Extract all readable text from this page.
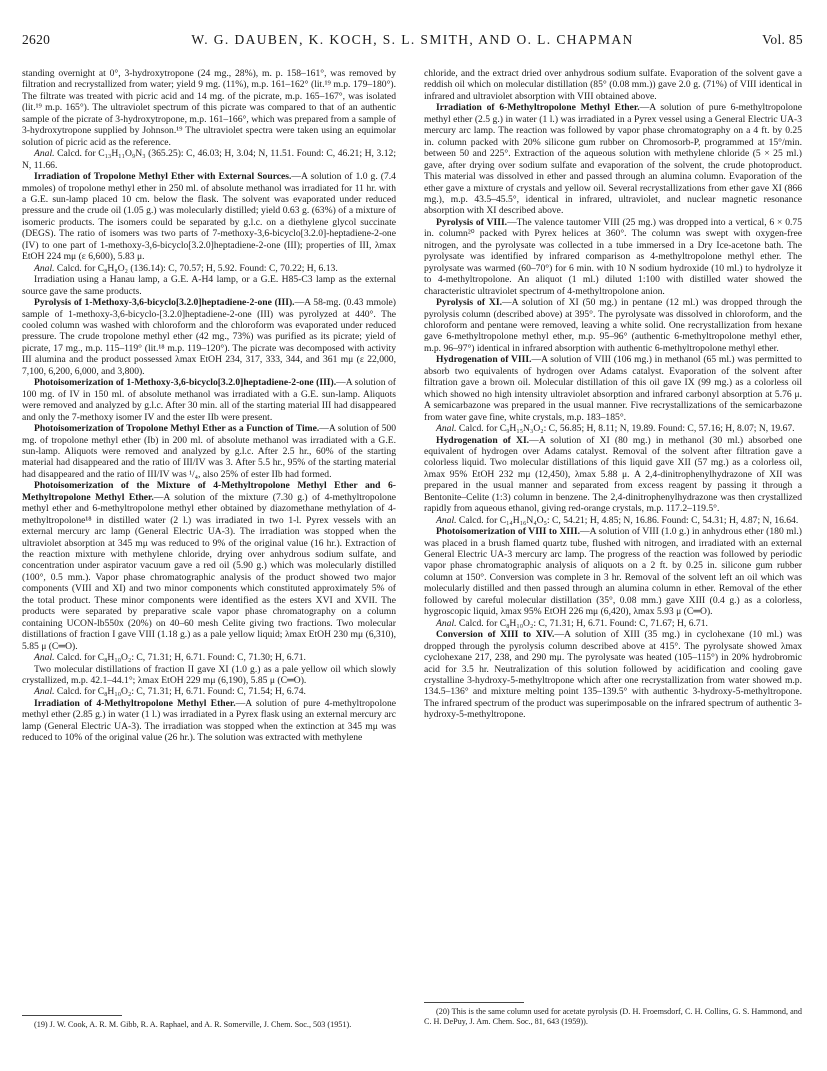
2620	W. G. DAUBEN, K. KOCH, S. L. SMITH, AND O. L. CHAPMAN	Vol. 85

standing overnight at 0°, 3-hydroxytropone (24 mg., 28%), m. p. 158–161°, was removed by filtration and recrystallized from water; yield 9 mg. (11%), m.p. 161–162° (lit.¹⁹ m.p. 179–180°). The filtrate was treated with picric acid and 14 mg. of the picrate, m.p. 165–167°, was isolated (lit.¹⁹ m.p. 165°). The ultraviolet spectrum of this picrate was compared to that of an authentic sample of the picrate of 3-hydroxytropone, m.p. 161–166°, which was prepared from a sample of 3-hydroxytropone supplied by Johnson.¹⁹ The ultraviolet spectra were taken using an equimolar solution of picric acid as the reference.

Anal. Calcd. for C₁₃H₁₁O₉N₃ (365.25): C, 46.03; H, 3.04; N, 11.51. Found: C, 46.21; H, 3.12; N, 11.66.

Irradiation of Tropolone Methyl Ether with External Sources.—A solution of 1.0 g. (7.4 mmoles) of tropolone methyl ether in 250 ml. of absolute methanol was irradiated for 11 hr. with a G.E. sun-lamp placed 10 cm. below the flask. The solvent was evaporated under reduced pressure and the crude oil (1.05 g.) was molecularly distilled; yield 0.63 g. (63%) of a mixture of isomeric products. The isomers could be separated by g.l.c. on a diethylene glycol succinate (DEGS). The ratio of isomers was two parts of 7-methoxy-3,6-bicyclo[3.2.0]-heptadiene-2-one (IV) to one part of 1-methoxy-3,6-bicyclo[3.2.0]heptadiene-2-one (III); properties of III, λmax EtOH 224 mμ (ε 6,600), 5.83 μ.

Anal. Calcd. for C₈H₈O₂ (136.14): C, 70.57; H, 5.92. Found: C, 70.22; H, 6.13.

Irradiation using a Hanau lamp, a G.E. A-H4 lamp, or a G.E. H85-C3 lamp as the external source gave the same products.

Pyrolysis of 1-Methoxy-3,6-bicyclo[3.2.0]heptadiene-2-one (III).—A 58-mg. (0.43 mmole) sample of 1-methoxy-3,6-bicyclo-[3.2.0]heptadiene-2-one (III) was pyrolyzed at 440°. The cooled column was washed with chloroform and the chloroform was evaporated under reduced pressure. The crude tropolone methyl ether (42 mg., 73%) was purified as its picrate; yield of picrate, 17 mg., m.p. 115–119° (lit.¹⁸ m.p. 119–120°). The picrate was decomposed with activity III alumina and the product possessed λmax EtOH 234, 317, 333, 344, and 361 mμ (ε 22,000, 7,100, 6,200, 6,000, and 3,800).

Photoisomerization of 1-Methoxy-3,6-bicyclo[3.2.0]heptadiene-2-one (III).—A solution of 100 mg. of IV in 150 ml. of absolute methanol was irradiated with a G.E. sun-lamp. Aliquots were removed and analyzed by g.l.c. After 30 min. all of the starting material III had disappeared and only the 7-methoxy isomer IV and the ester IIb were present.

Photoisomerization of Tropolone Methyl Ether as a Function of Time.—A solution of 500 mg. of tropolone methyl ether (Ib) in 200 ml. of absolute methanol was irradiated with a G.E. sun-lamp. Aliquots were removed and analyzed by g.l.c. After 2.5 hr., 60% of the starting material had disappeared and the ratio of III/IV was 3. After 5.5 hr., 95% of the starting material had disappeared and the ratio of III/IV was ¹/₄, also 25% of ester IIb had formed.

Photoisomerization of the Mixture of 4-Methyltropolone Methyl Ether and 6-Methyltropolone Methyl Ether.—A solution of the mixture (7.30 g.) of 4-methyltropolone methyl ether and 6-methyltropolone methyl ether obtained by diazomethane methylation of 4-methyltropolone¹⁸ in distilled water (2 l.) was irradiated in two 1-l. Pyrex vessels with an external mercury arc lamp (General Electric UA-3). The irradiation was stopped when the ultraviolet absorption at 345 mμ was reduced to 9% of the original value (16 hr.). Extraction of the reaction mixture with methylene chloride, drying over anhydrous sodium sulfate, and concentration under aspirator vacuum gave a red oil (5.90 g.) which was molecularly distilled (100°, 0.5 mm.). Vapor phase chromatographic analysis of the product showed two major components (VIII and XI) and two minor components which constituted approximately 5% of the total product. These minor components were identified as the esters XVI and XVII. The products were separated by preparative scale vapor phase chromatography on a column containing UCON-lb550x (20%) on 40–60 mesh Celite giving two fractions. Two molecular distillations of fraction I gave VIII (1.18 g.) as a pale yellow liquid; λmax EtOH 230 mμ (6,310), 5.85 μ (C═O).

Anal. Calcd. for C₈H₁₀O₂: C, 71.31; H, 6.71. Found: C, 71.30; H, 6.71.

Two molecular distillations of fraction II gave XI (1.0 g.) as a pale yellow oil which slowly crystallized, m.p. 42.1–44.1°; λmax EtOH 229 mμ (6,190), 5.85 μ (C═O).

Anal. Calcd. for C₈H₁₀O₂: C, 71.31; H, 6.71. Found: C, 71.54; H, 6.74.

Irradiation of 4-Methyltropolone Methyl Ether.—A solution of pure 4-methyltropolone methyl ether (2.85 g.) in water (1 l.) was irradiated in a Pyrex flask using an external mercury arc lamp (General Electric UA-3). The irradiation was stopped when the extinction at 345 mμ was reduced to 10% of the original value (26 hr.). The solution was extracted with methylene

chloride, and the extract dried over anhydrous sodium sulfate. Evaporation of the solvent gave a reddish oil which on molecular distillation (85° (0.08 mm.)) gave 2.0 g. (71%) of VIII identical in infrared and ultraviolet absorption with VIII obtained above.

Irradiation of 6-Methyltropolone Methyl Ether.—A solution of pure 6-methyltropolone methyl ether (2.5 g.) in water (1 l.) was irradiated in a Pyrex vessel using a General Electric UA-3 mercury arc lamp. The reaction was followed by vapor phase chromatography on a 4 ft. by 0.25 in. column packed with 20% silicone gum rubber on Chromosorb-P, programmed at 15°/min. between 50 and 225°. Extraction of the aqueous solution with methylene chloride (5 × 25 ml.) gave, after drying over sodium sulfate and evaporation of the solvent, the crude photoproduct. This material was dissolved in ether and passed through an alumina column. Evaporation of the ether gave a mixture of crystals and yellow oil. Several recrystallizations from ether gave XI (866 mg.), m.p. 43.5–45.5°, identical in infrared, ultraviolet, and nuclear magnetic resonance absorption with XI described above.

Pyrolysis of VIII.—The valence tautomer VIII (25 mg.) was dropped into a vertical, 6 × 0.75 in. column²⁰ packed with Pyrex helices at 360°. The column was swept with oxygen-free nitrogen, and the pyrolysate was collected in a tube immersed in a Dry Ice-acetone bath. The pyrolysate was identified by infrared comparison as 4-methyltropolone methyl ether. The pyrolysate was warmed (60–70°) for 6 min. with 10 N sodium hydroxide (10 ml.) to hydrolyze it to 4-methyltropolone. An aliquot (1 ml.) diluted 1:100 with distilled water showed the characteristic ultraviolet spectrum of 4-methyltropolone anion.

Pyrolysis of XI.—A solution of XI (50 mg.) in pentane (12 ml.) was dropped through the pyrolysis column (described above) at 395°. The pyrolysate was dissolved in chloroform, and the chloroform and pentane were removed, leaving a white solid. One recrystallization from hexane gave 6-methyltropolone methyl ether, m.p. 95–96° (authentic 6-methyltropolone methyl ether, m.p. 96–97°) identical in infrared absorption with authentic 6-methyltropolone methyl ether.

Hydrogenation of VIII.—A solution of VIII (106 mg.) in methanol (65 ml.) was permitted to absorb two equivalents of hydrogen over Adams catalyst. Evaporation of the solvent after filtration gave a brown oil. Molecular distillation of this oil gave IX (99 mg.) as a colorless oil which showed no high intensity ultraviolet absorption and infrared carbonyl absorption at 5.76 μ. A semicarbazone was prepared in the usual manner. Five recrystallizations of the semicarbazone from water gave fine, white crystals, m.p. 183–185°.

Anal. Calcd. for C₉H₁₅N₃O₂: C, 56.85; H, 8.11; N, 19.89. Found: C, 57.16; H, 8.07; N, 19.67.

Hydrogenation of XI.—A solution of XI (80 mg.) in methanol (30 ml.) absorbed one equivalent of hydrogen over Adams catalyst. Removal of the solvent after filtration gave a colorless liquid. Two molecular distillations of this liquid gave XII (57 mg.) as a colorless oil, λmax 95% EtOH 232 mμ (12,450), λmax 5.88 μ. A 2,4-dinitrophenylhydrazone of XII was prepared in the usual manner and separated from excess reagent by passing it through a Bentonite–Celite (1:3) column in benzene. The 2,4-dinitrophenylhydrazone was then crystallized rapidly from aqueous ethanol, giving red-orange crystals, m.p. 117.2–119.5°.

Anal. Calcd. for C₁₄H₁₆N₄O₅: C, 54.21; H, 4.85; N, 16.86. Found: C, 54.31; H, 4.87; N, 16.64.

Photoisomerization of VIII to XIII.—A solution of VIII (1.0 g.) in anhydrous ether (180 ml.) was placed in a brush flamed quartz tube, flushed with nitrogen, and irradiated with an external General Electric UA-3 mercury arc lamp. The progress of the reaction was followed by periodic vapor phase chromatographic analysis of aliquots on a 2 ft. by 0.25 in. silicone gum rubber column at 150°. Conversion was complete in 3 hr. Removal of the solvent left an oil which was molecularly distilled and then passed through an alumina column in ether. Removal of the ether followed by careful molecular distillation (35°, 0.08 mm.) gave XIII (0.4 g.) as a colorless, hygroscopic liquid, λmax 95% EtOH 226 mμ (6,420), λmax 5.93 μ (C═O).

Anal. Calcd. for C₈H₁₀O₂: C, 71.31; H, 6.71. Found: C, 71.67; H, 6.71.

Conversion of XIII to XIV.—A solution of XIII (35 mg.) in cyclohexane (10 ml.) was dropped through the pyrolysis column described above at 415°. The pyrolysate showed λmax cyclohexane 217, 238, and 290 mμ. The pyrolysate was heated (105–115°) in 20% hydrobromic acid for 3.5 hr. Neutralization of this solution followed by acidification and cooling gave crystalline 3-hydroxy-5-methyltropone which after one recrystallization from water showed m.p. 134.5–136° and mixture melting point 135–139.5° with authentic 3-hydroxy-5-methyltropone. The infrared spectrum of the product was superimposable on the infrared spectrum of authentic 3-hydroxy-5-methyltropone.

(19) J. W. Cook, A. R. M. Gibb, R. A. Raphael, and A. R. Somerville, J. Chem. Soc., 503 (1951).

(20) This is the same column used for acetate pyrolysis (D. H. Froemsdorf, C. H. Collins, G. S. Hammond, and C. H. DePuy, J. Am. Chem. Soc., 81, 643 (1959)).
